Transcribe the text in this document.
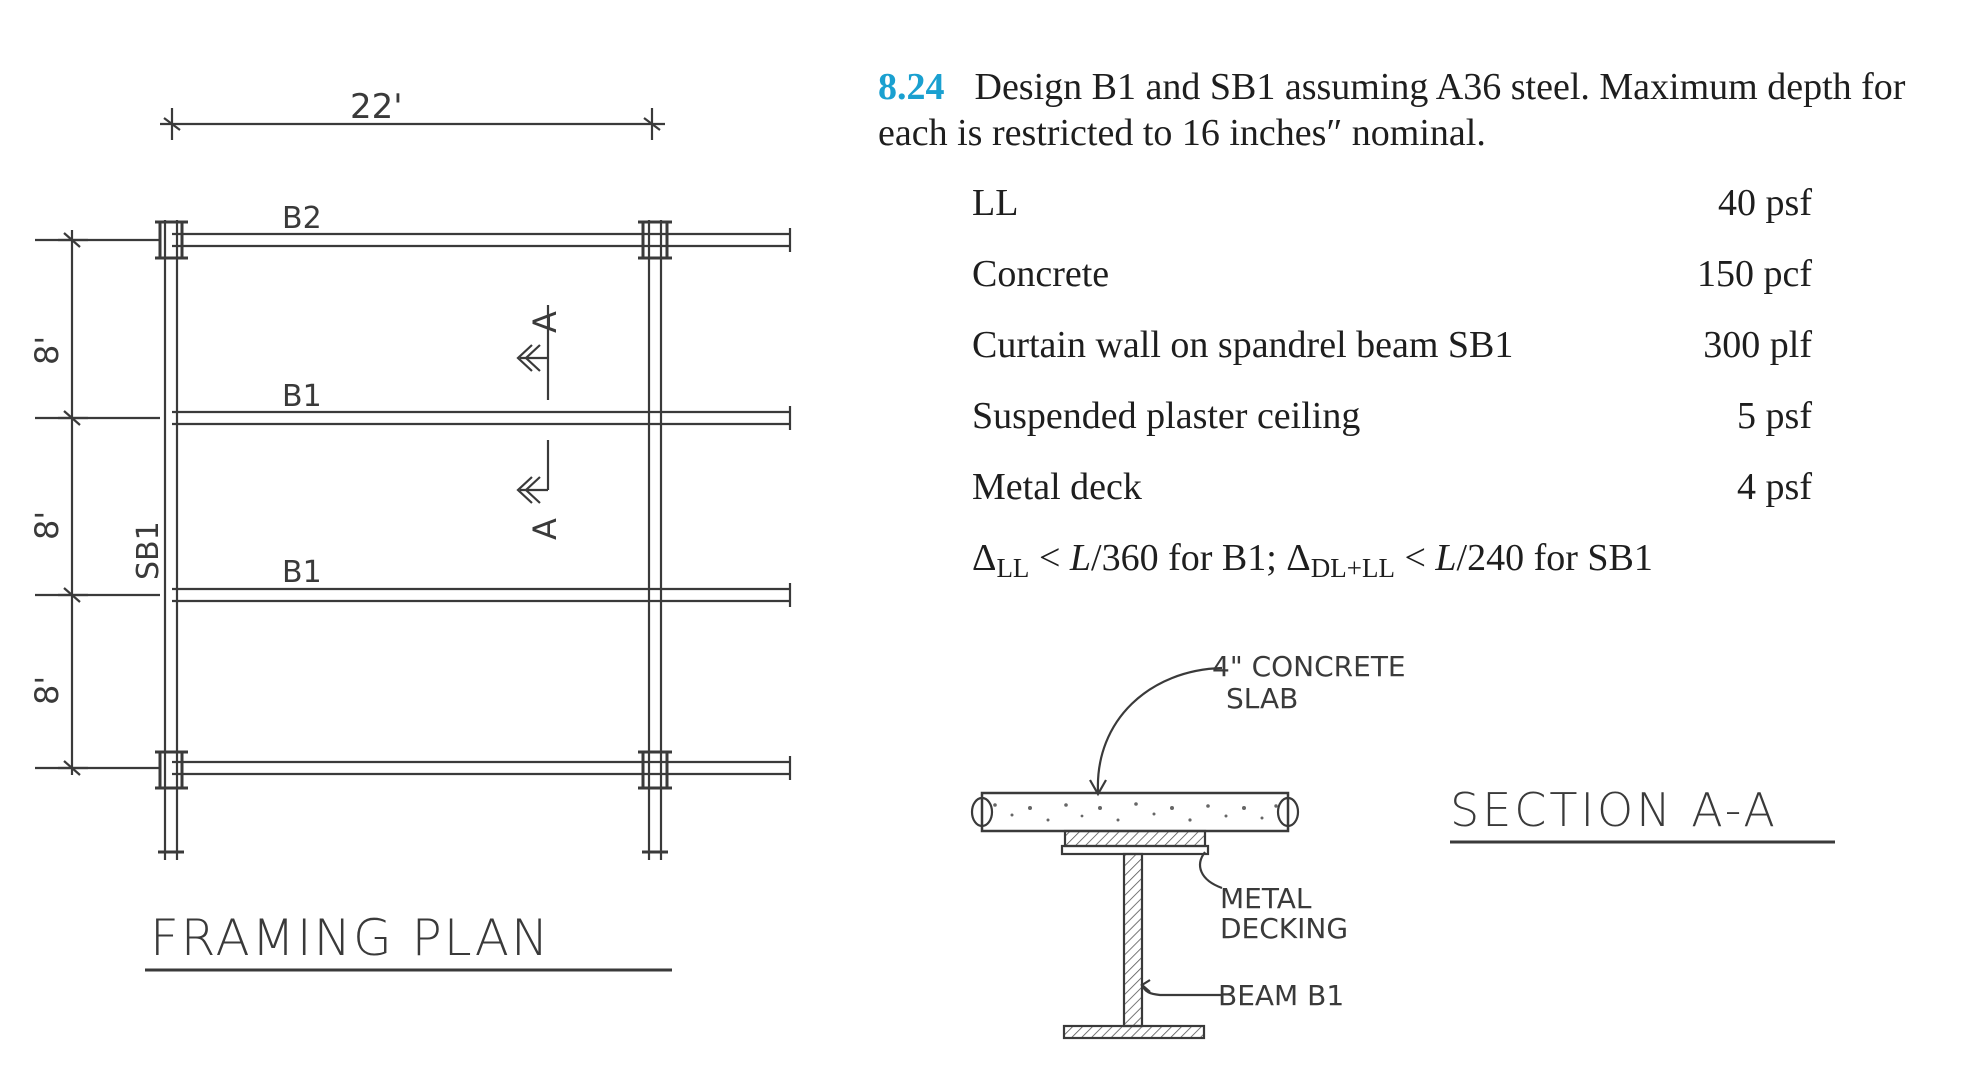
22'
8'
8'
8'
B2
B1
B1
SB1
A
A
FRAMING PLAN
4" CONCRETE
SLAB
METAL
DECKING
BEAM B1
SECTION A-A
8.24 Design B1 and SB1 assuming A36 steel. Maximum depth for each is restricted to 16 inches″ nominal.
LL	40 psf
Concrete	150 pcf
Curtain wall on spandrel beam SB1	300 plf
Suspended plaster ceiling	5 psf
Metal deck	4 psf
$\Delta_{LL} < L/360$ for B1; $\Delta_{DL+LL} < L/240$ for SB1
